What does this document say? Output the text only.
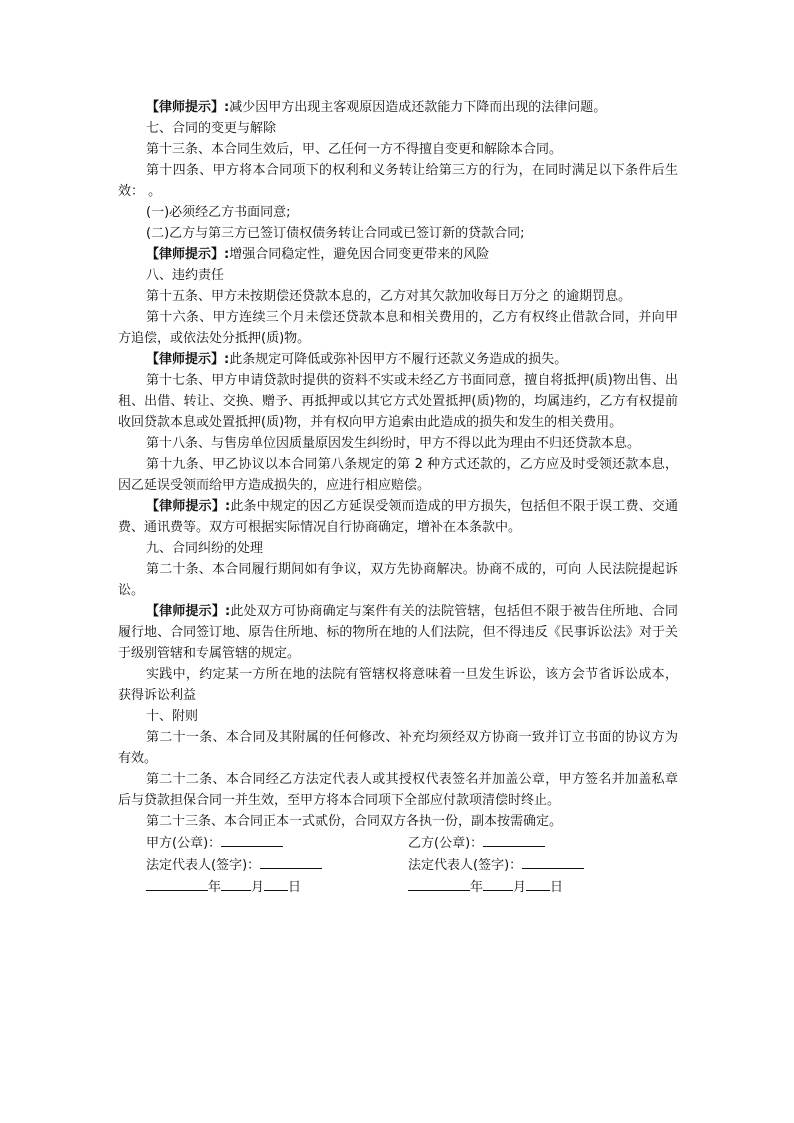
【律师提示】:减少因甲方出现主客观原因造成还款能力下降而出现的法律问题。

七、合同的变更与解除

第十三条、本合同生效后，甲、乙任何一方不得擅自变更和解除本合同。

第十四条、甲方将本合同项下的权利和义务转让给第三方的行为，在同时满足以下条件后生效： 。

(一)必须经乙方书面同意;

(二)乙方与第三方已签订债权债务转让合同或已签订新的贷款合同;

【律师提示】:增强合同稳定性，避免因合同变更带来的风险

八、违约责任

第十五条、甲方未按期偿还贷款本息的，乙方对其欠款加收每日万分之 的逾期罚息。

第十六条、甲方连续三个月未偿还贷款本息和相关费用的，乙方有权终止借款合同，并向甲方追偿，或依法处分抵押(质)物。

【律师提示】:此条规定可降低或弥补因甲方不履行还款义务造成的损失。

第十七条、甲方申请贷款时提供的资料不实或未经乙方书面同意，擅自将抵押(质)物出售、出租、出借、转让、交换、赠予、再抵押或以其它方式处置抵押(质)物的，均属违约，乙方有权提前收回贷款本息或处置抵押(质)物，并有权向甲方追索由此造成的损失和发生的相关费用。

第十八条、与售房单位因质量原因发生纠纷时，甲方不得以此为理由不归还贷款本息。

第十九条、甲乙协议以本合同第八条规定的第 2 种方式还款的，乙方应及时受领还款本息，因乙延误受领而给甲方造成损失的，应进行相应赔偿。

【律师提示】:此条中规定的因乙方延误受领而造成的甲方损失，包括但不限于误工费、交通费、通讯费等。双方可根据实际情况自行协商确定，增补在本条款中。

九、合同纠纷的处理

第二十条、本合同履行期间如有争议，双方先协商解决。协商不成的，可向 人民法院提起诉讼。

【律师提示】:此处双方可协商确定与案件有关的法院管辖，包括但不限于被告住所地、合同履行地、合同签订地、原告住所地、标的物所在地的人们法院，但不得违反《民事诉讼法》对于关于级别管辖和专属管辖的规定。

实践中，约定某一方所在地的法院有管辖权将意味着一旦发生诉讼，该方会节省诉讼成本，获得诉讼利益

十、附则

第二十一条、本合同及其附属的任何修改、补充均须经双方协商一致并订立书面的协议方为有效。

第二十二条、本合同经乙方法定代表人或其授权代表签名并加盖公章，甲方签名并加盖私章后与贷款担保合同一并生效，至甲方将本合同项下全部应付款项清偿时终止。

第二十三条、本合同正本一式贰份，合同双方各执一份，副本按需确定。

甲方(公章)：	乙方(公章)：
法定代表人(签字)：	法定代表人(签字)：
年 月 日	年 月 日
